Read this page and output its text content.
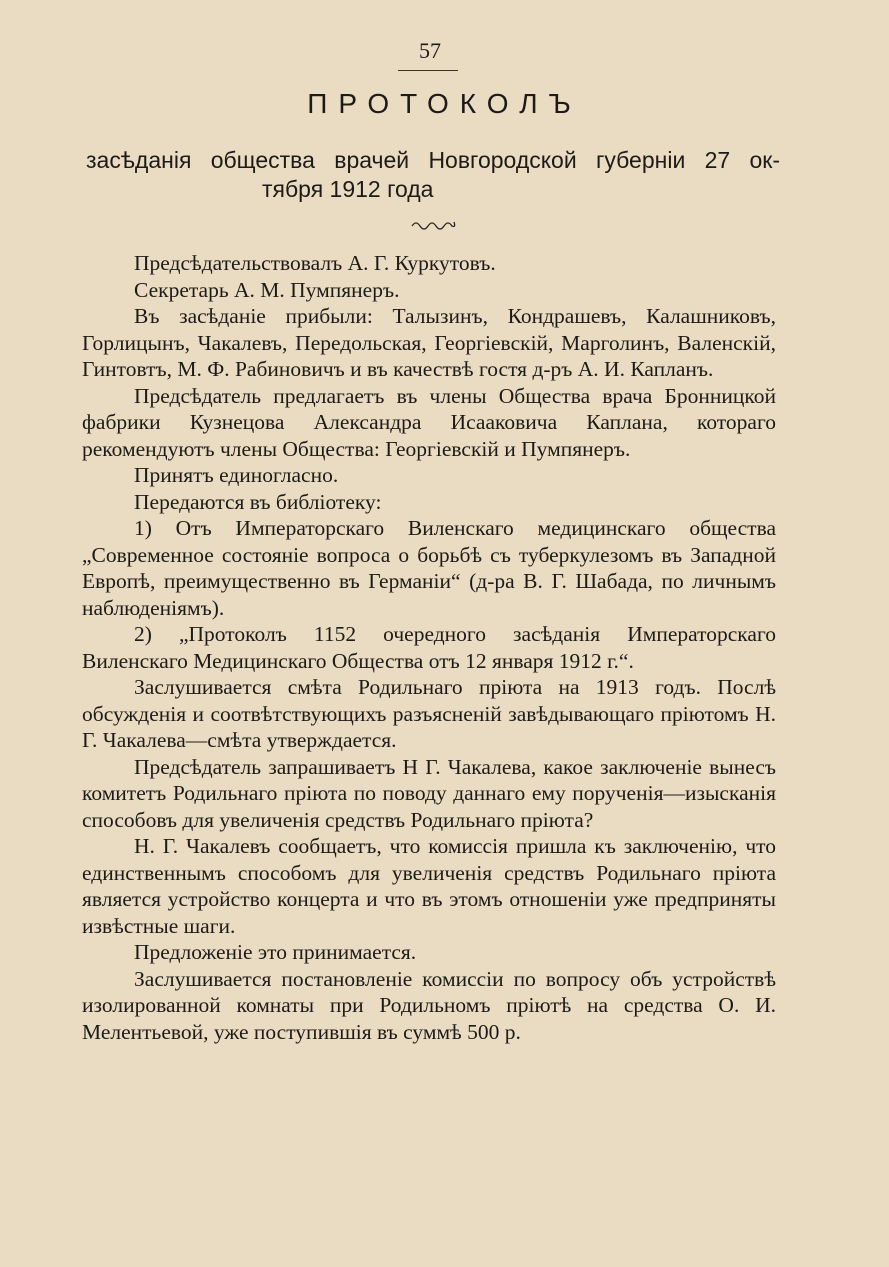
57
ПРОТОКОЛЪ
засѣданія общества врачей Новгородской губерніи 27 ок-
тября 1912 года

Предсѣдательствовалъ А. Г. Куркутовъ.

Секретарь А. М. Пумпянеръ.

Въ засѣданіе прибыли: Талызинъ, Кондрашевъ, Калашниковъ, Горлицынъ, Чакалевъ, Передольская, Георгіевскій, Марголинъ, Валенскій, Гинтовтъ, М. Ф. Рабиновичъ и въ качествѣ гостя д-ръ А. И. Капланъ.

Предсѣдатель предлагаетъ въ члены Общества врача Бронницкой фабрики Кузнецова Александра Исааковича Каплана, котораго рекомендуютъ члены Общества: Георгіевскій и Пумпянеръ.

Принятъ единогласно.

Передаются въ библіотеку:

1) Отъ Императорскаго Виленскаго медицинскаго общества „Современное состояніе вопроса о борьбѣ съ туберкулезомъ въ Западной Европѣ, преимущественно въ Германіи“ (д-ра В. Г. Шабада, по личнымъ наблюденіямъ).

2) „Протоколъ 1152 очередного засѣданія Императорскаго Виленскаго Медицинскаго Общества отъ 12 января 1912 г.“.

Заслушивается смѣта Родильнаго пріюта на 1913 годъ. Послѣ обсужденія и соотвѣтствующихъ разъясненій завѣдывающаго пріютомъ Н. Г. Чакалева—смѣта утверждается.

Предсѣдатель запрашиваетъ Н Г. Чакалева, какое заключеніе вынесъ комитетъ Родильнаго пріюта по поводу даннаго ему порученія—изысканія способовъ для увеличенія средствъ Родильнаго пріюта?

Н. Г. Чакалевъ сообщаетъ, что комиссія пришла къ заключенію, что единственнымъ способомъ для увеличенія средствъ Родильнаго пріюта является устройство концерта и что въ этомъ отношеніи уже предприняты извѣстные шаги.

Предложеніе это принимается.

Заслушивается постановленіе комиссіи по вопросу объ устройствѣ изолированной комнаты при Родильномъ пріютѣ на средства О. И. Мелентьевой, уже поступившія въ суммѣ 500 р.
